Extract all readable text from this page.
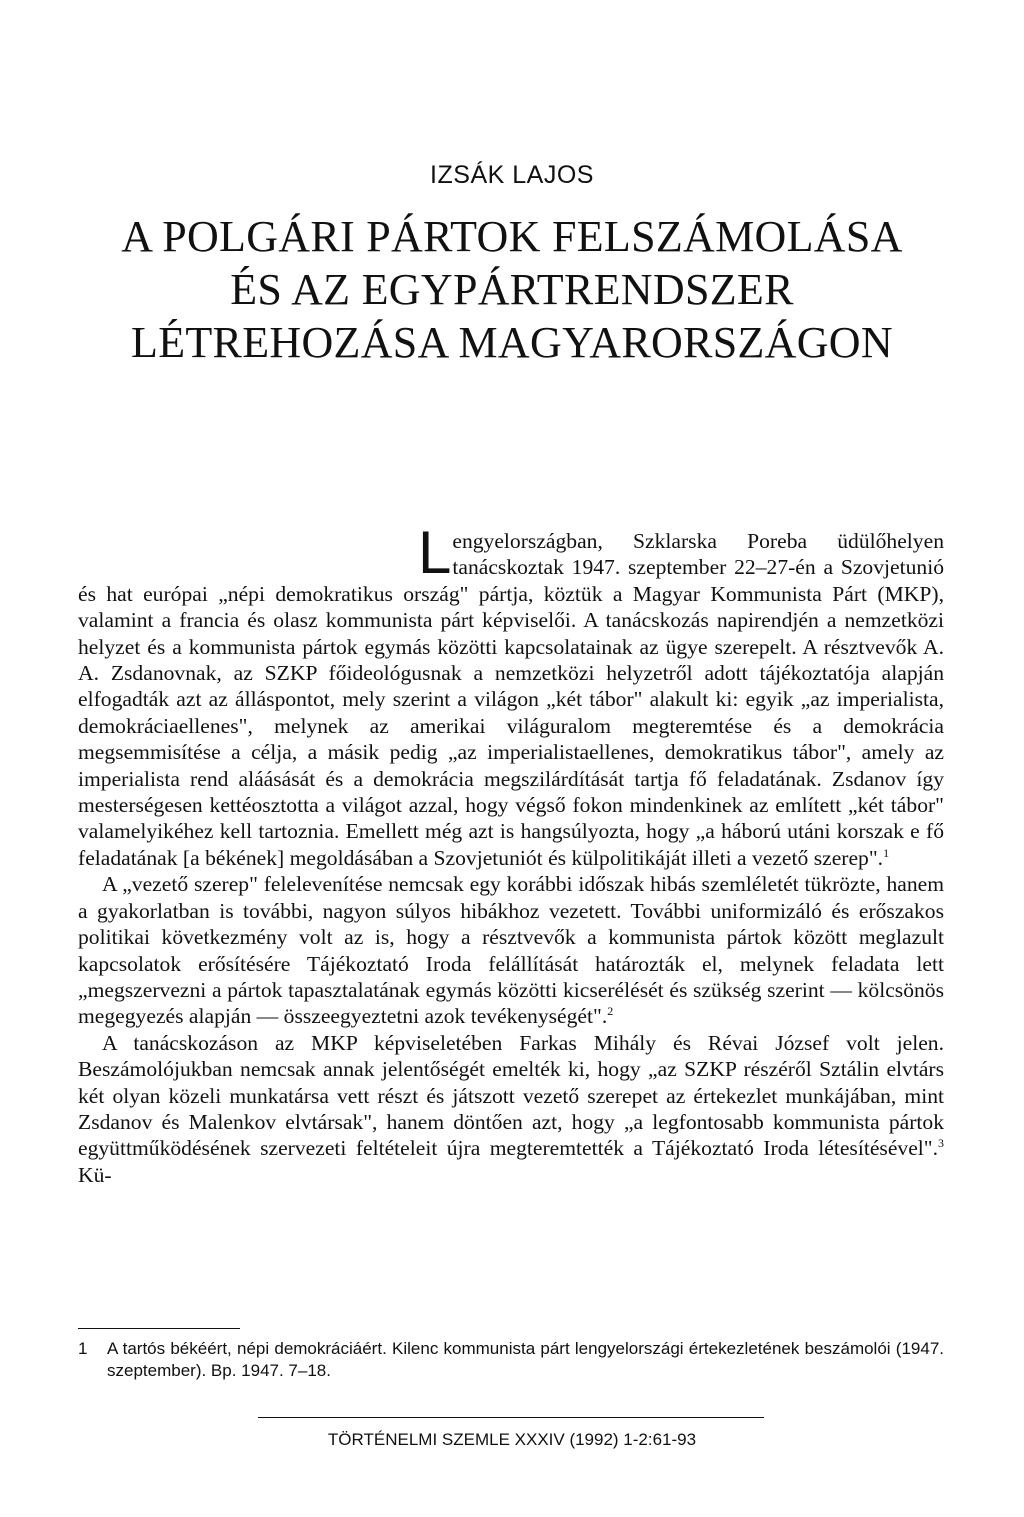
IZSÁK LAJOS
A POLGÁRI PÁRTOK FELSZÁMOLÁSA
ÉS AZ EGYPÁRTRENDSZER
LÉTREHOZÁSA MAGYARORSZÁGON

Lengyelországban, Szklarska Poreba üdülőhelyen tanácskoztak 1947. szeptember 22–27-én a Szovjetunió és hat európai „népi demokratikus ország" pártja, köztük a Magyar Kommunista Párt (MKP), valamint a francia és olasz kommunista párt képviselői. A tanácskozás napirendjén a nemzetközi helyzet és a kommunista pártok egymás közötti kapcsolatainak az ügye szerepelt. A résztvevők A. A. Zsdanovnak, az SZKP főideológusnak a nemzetközi helyzetről adott tájékoztatója alapján elfogadták azt az álláspontot, mely szerint a világon „két tábor" alakult ki: egyik „az imperialista, demokráciaellenes", melynek az amerikai világuralom megteremtése és a demokrácia megsemmisítése a célja, a másik pedig „az imperialistaellenes, demokratikus tábor", amely az imperialista rend aláásását és a demokrácia megszilárdítását tartja fő feladatának. Zsdanov így mesterségesen kettéosztotta a világot azzal, hogy végső fokon mindenkinek az említett „két tábor" valamelyikéhez kell tartoznia. Emellett még azt is hangsúlyozta, hogy „a háború utáni korszak e fő feladatának [a békének] megoldásában a Szovjetuniót és külpolitikáját illeti a vezető szerep".$^1$

A „vezető szerep" felelevenítése nemcsak egy korábbi időszak hibás szemléletét tükrözte, hanem a gyakorlatban is további, nagyon súlyos hibákhoz vezetett. További uniformizáló és erőszakos politikai következmény volt az is, hogy a résztvevők a kommunista pártok között meglazult kapcsolatok erősítésére Tájékoztató Iroda felállítását határozták el, melynek feladata lett „megszervezni a pártok tapasztalatának egymás közötti kicserélését és szükség szerint — kölcsönös megegyezés alapján — összeegyeztetni azok tevékenységét".$^2$

A tanácskozáson az MKP képviseletében Farkas Mihály és Révai József volt jelen. Beszámolójukban nemcsak annak jelentőségét emelték ki, hogy „az SZKP részéről Sztálin elvtárs két olyan közeli munkatársa vett részt és játszott vezető szerepet az értekezlet munkájában, mint Zsdanov és Malenkov elvtársak", hanem döntően azt, hogy „a legfontosabb kommunista pártok együttműködésének szervezeti feltételeit újra megteremtették a Tájékoztató Iroda létesítésével".$^3$ Kü-

1 A tartós békéért, népi demokráciáért. Kilenc kommunista párt lengyelországi értekezletének beszámolói (1947. szeptember). Bp. 1947. 7–18.
TÖRTÉNELMI SZEMLE XXXIV (1992) 1-2:61-93
